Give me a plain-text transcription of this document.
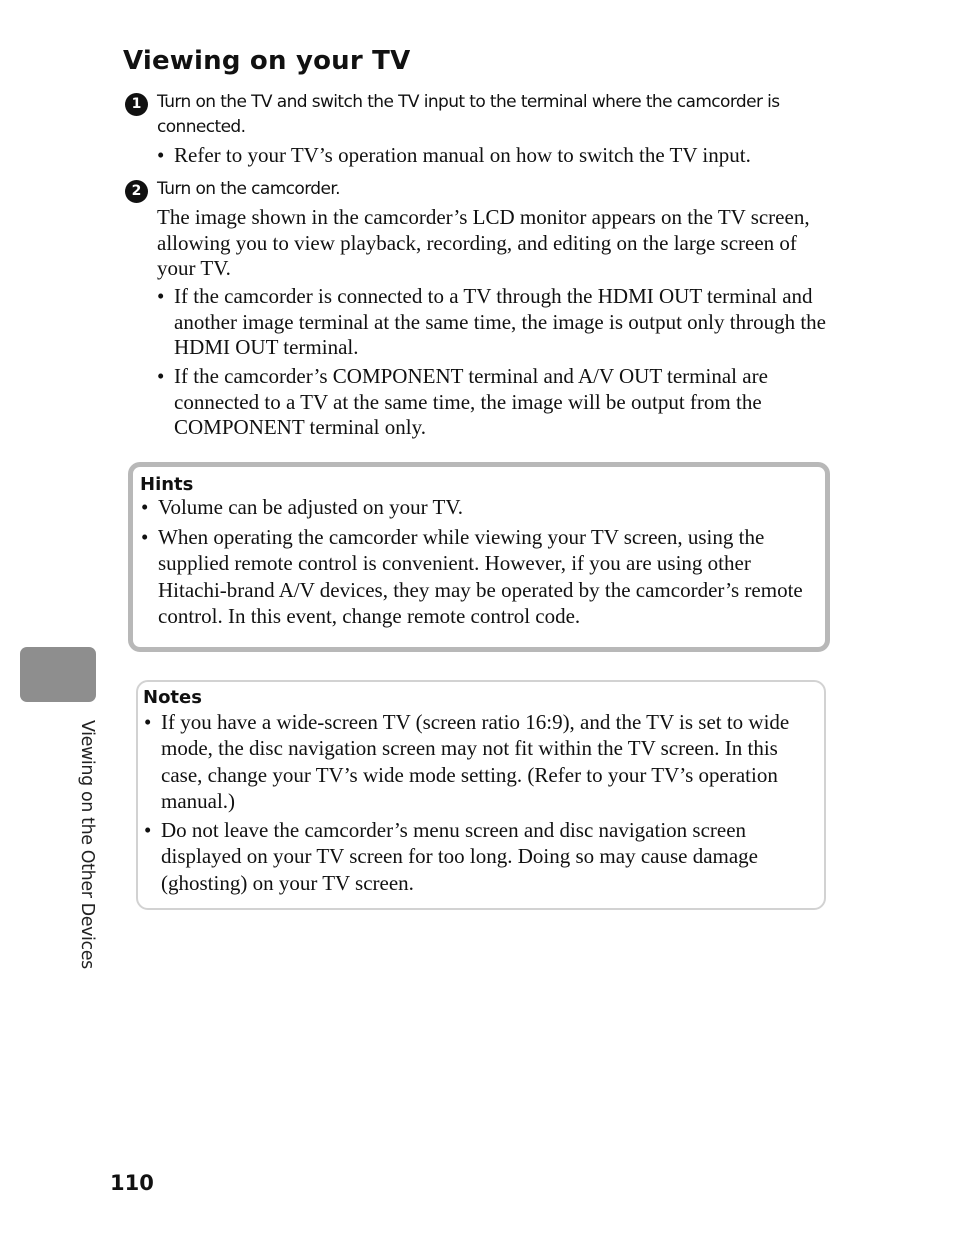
Viewing on your TV
1 Turn on the TV and switch the TV input to the terminal where the camcorder is connected.
• Refer to your TV’s operation manual on how to switch the TV input.
2 Turn on the camcorder.
The image shown in the camcorder’s LCD monitor appears on the TV screen, allowing you to view playback, recording, and editing on the large screen of your TV.
• If the camcorder is connected to a TV through the HDMI OUT terminal and another image terminal at the same time, the image is output only through the HDMI OUT terminal.
• If the camcorder’s COMPONENT terminal and A/V OUT terminal are connected to a TV at the same time, the image will be output from the COMPONENT terminal only.
Hints
• Volume can be adjusted on your TV.
• When operating the camcorder while viewing your TV screen, using the supplied remote control is convenient. However, if you are using other Hitachi-brand A/V devices, they may be operated by the camcorder’s remote control. In this event, change remote control code.
Viewing on the Other Devices
Notes
• If you have a wide-screen TV (screen ratio 16:9), and the TV is set to wide mode, the disc navigation screen may not fit within the TV screen. In this case, change your TV’s wide mode setting. (Refer to your TV’s operation manual.)
• Do not leave the camcorder’s menu screen and disc navigation screen displayed on your TV screen for too long. Doing so may cause damage (ghosting) on your TV screen.
110
